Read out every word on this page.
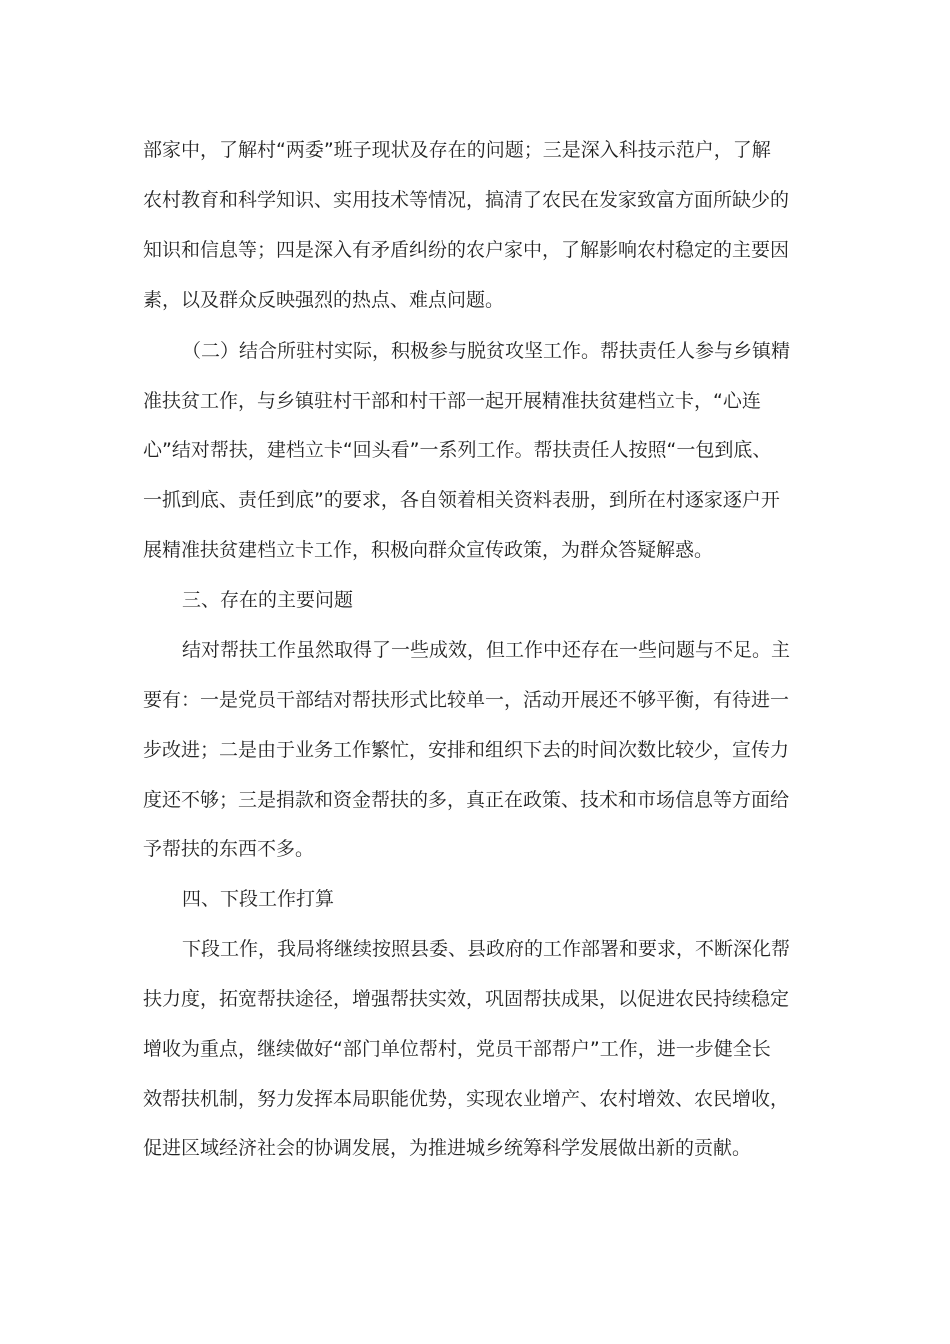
部家中，了解村“两委”班子现状及存在的问题；三是深入科技示范户，了解
农村教育和科学知识、实用技术等情况，搞清了农民在发家致富方面所缺少的
知识和信息等；四是深入有矛盾纠纷的农户家中，了解影响农村稳定的主要因
素，以及群众反映强烈的热点、难点问题。
（二）结合所驻村实际，积极参与脱贫攻坚工作。帮扶责任人参与乡镇精
准扶贫工作，与乡镇驻村干部和村干部一起开展精准扶贫建档立卡，“心连
心”结对帮扶，建档立卡“回头看”一系列工作。帮扶责任人按照“一包到底、
一抓到底、责任到底”的要求，各自领着相关资料表册，到所在村逐家逐户开
展精准扶贫建档立卡工作，积极向群众宣传政策，为群众答疑解惑。
三、存在的主要问题
结对帮扶工作虽然取得了一些成效，但工作中还存在一些问题与不足。主
要有：一是党员干部结对帮扶形式比较单一，活动开展还不够平衡，有待进一
步改进；二是由于业务工作繁忙，安排和组织下去的时间次数比较少，宣传力
度还不够；三是捐款和资金帮扶的多，真正在政策、技术和市场信息等方面给
予帮扶的东西不多。
四、下段工作打算
下段工作，我局将继续按照县委、县政府的工作部署和要求，不断深化帮
扶力度，拓宽帮扶途径，增强帮扶实效，巩固帮扶成果，以促进农民持续稳定
增收为重点，继续做好“部门单位帮村，党员干部帮户”工作，进一步健全长
效帮扶机制，努力发挥本局职能优势，实现农业增产、农村增效、农民增收，
促进区域经济社会的协调发展，为推进城乡统筹科学发展做出新的贡献。
